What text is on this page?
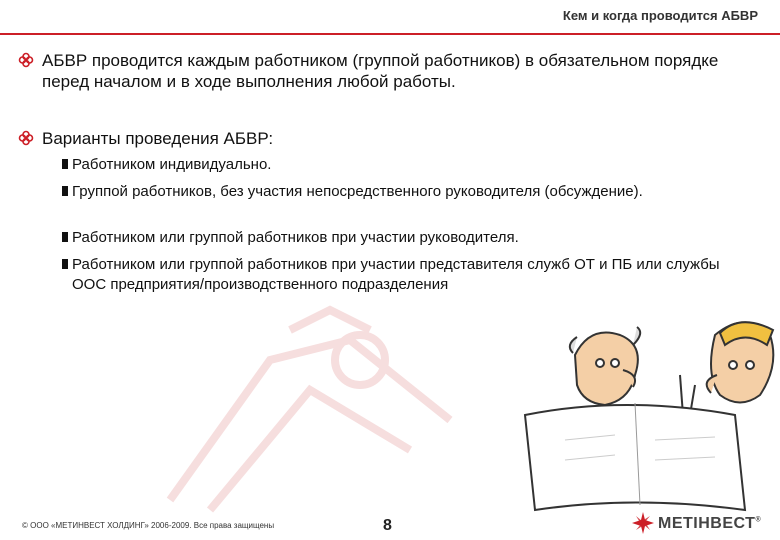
Кем и когда проводится АБВР
АБВР проводится каждым работником (группой работников) в обязательном порядке перед началом и в ходе выполнения любой работы.
Варианты проведения АБВР:
Работником индивидуально.
Группой работников, без участия непосредственного руководителя (обсуждение).
Работником или группой работников при участии руководителя.
Работником или группой работников при участии представителя служб ОТ и ПБ или службы ООС предприятия/производственного подразделения
© ООО «МЕТИНВЕСТ ХОЛДИНГ» 2006-2009. Все права защищены	8	МЕТІНВЕСТ®
